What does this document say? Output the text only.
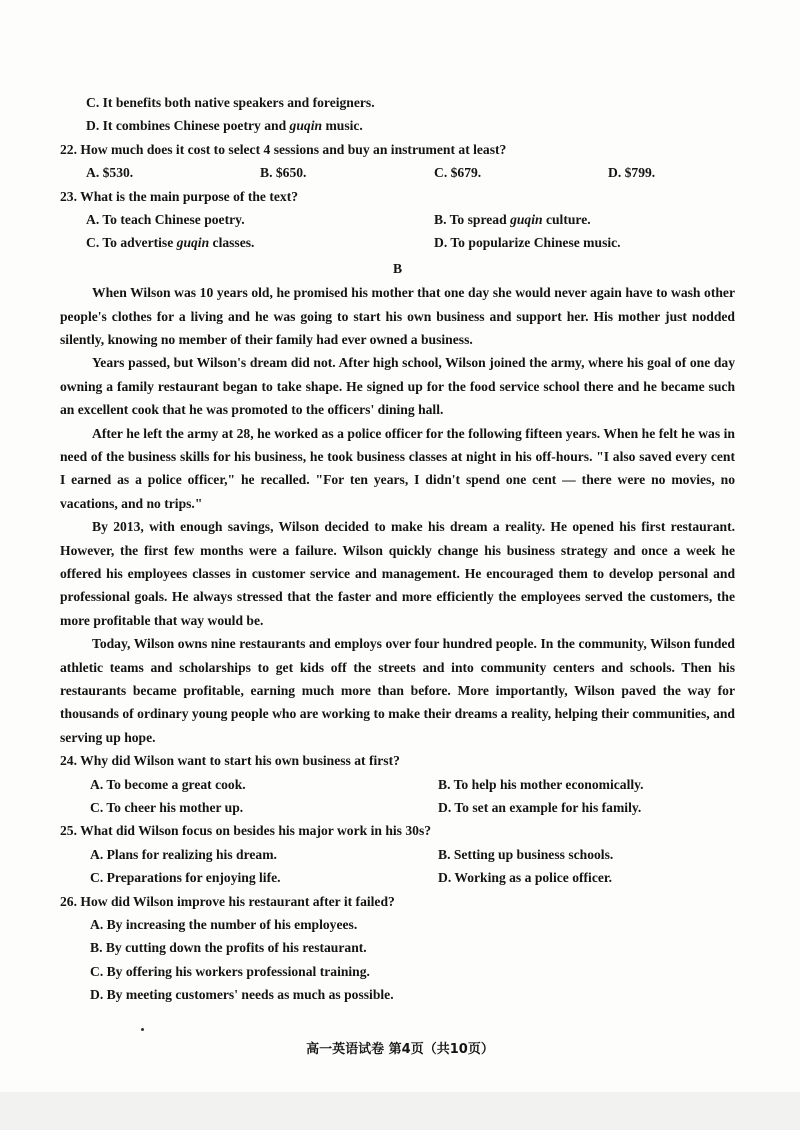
C. It benefits both native speakers and foreigners.
D. It combines Chinese poetry and guqin music.
22. How much does it cost to select 4 sessions and buy an instrument at least?
A. $530.	B. $650.	C. $679.	D. $799.
23. What is the main purpose of the text?
A. To teach Chinese poetry.	B. To spread guqin culture.
C. To advertise guqin classes.	D. To popularize Chinese music.
B

When Wilson was 10 years old, he promised his mother that one day she would never again have to wash other people's clothes for a living and he was going to start his own business and support her. His mother just nodded silently, knowing no member of their family had ever owned a business.

Years passed, but Wilson's dream did not. After high school, Wilson joined the army, where his goal of one day owning a family restaurant began to take shape. He signed up for the food service school there and he became such an excellent cook that he was promoted to the officers' dining hall.

After he left the army at 28, he worked as a police officer for the following fifteen years. When he felt he was in need of the business skills for his business, he took business classes at night in his off-hours. "I also saved every cent I earned as a police officer," he recalled. "For ten years, I didn't spend one cent — there were no movies, no vacations, and no trips."

By 2013, with enough savings, Wilson decided to make his dream a reality. He opened his first restaurant. However, the first few months were a failure. Wilson quickly change his business strategy and once a week he offered his employees classes in customer service and management. He encouraged them to develop personal and professional goals. He always stressed that the faster and more efficiently the employees served the customers, the more profitable that way would be.

Today, Wilson owns nine restaurants and employs over four hundred people. In the community, Wilson funded athletic teams and scholarships to get kids off the streets and into community centers and schools. Then his restaurants became profitable, earning much more than before. More importantly, Wilson paved the way for thousands of ordinary young people who are working to make their dreams a reality, helping their communities, and serving up hope.

24. Why did Wilson want to start his own business at first?
A. To become a great cook.	B. To help his mother economically.
C. To cheer his mother up.	D. To set an example for his family.
25. What did Wilson focus on besides his major work in his 30s?
A. Plans for realizing his dream.	B. Setting up business schools.
C. Preparations for enjoying life.	D. Working as a police officer.
26. How did Wilson improve his restaurant after it failed?
A. By increasing the number of his employees.
B. By cutting down the profits of his restaurant.
C. By offering his workers professional training.
D. By meeting customers' needs as much as possible.
高一英语试卷 第4页（共10页）
